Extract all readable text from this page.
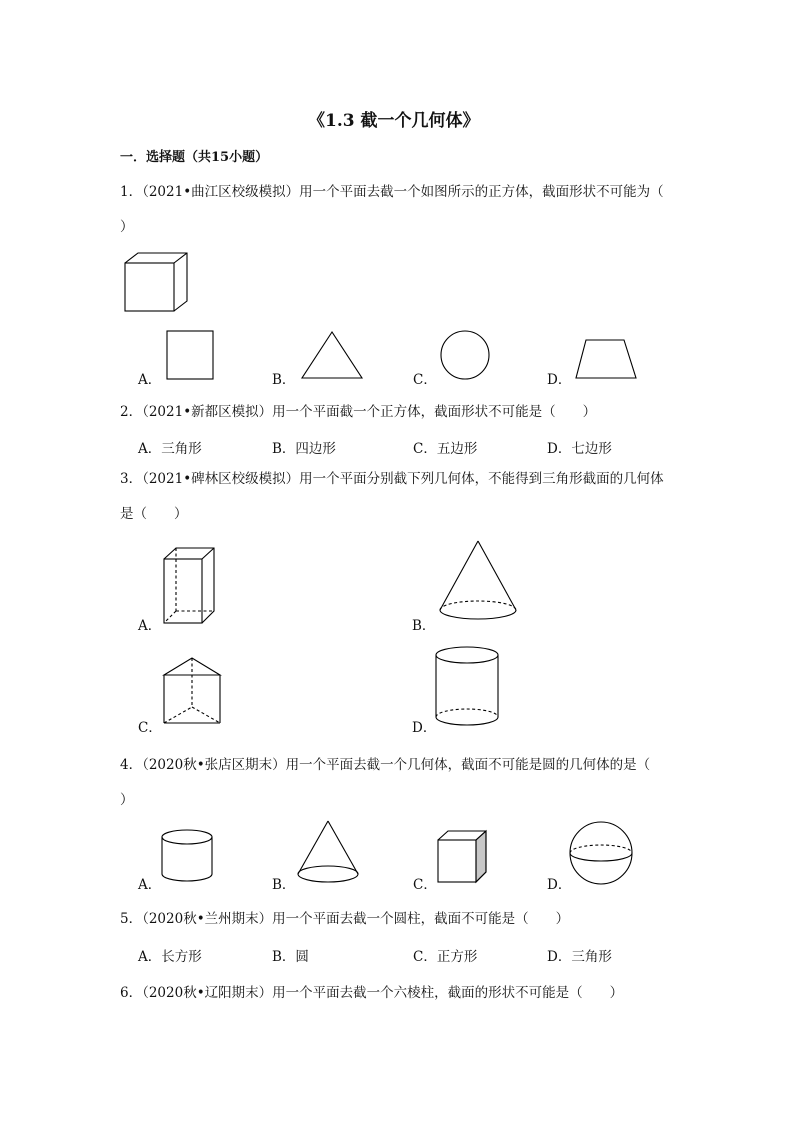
《1.3 截一个几何体》
一．选择题（共15小题）
1．（2021•曲江区校级模拟）用一个平面去截一个如图所示的正方体，截面形状不可能为（
）
A．	B．	C．	D．
2．（2021•新都区模拟）用一个平面截一个正方体，截面形状不可能是（　　）
A．三角形	B．四边形	C．五边形	D．七边形
3．（2021•碑林区校级模拟）用一个平面分别截下列几何体，不能得到三角形截面的几何体
是（　　）
A．	B．
C．	D．
4．（2020秋•张店区期末）用一个平面去截一个几何体，截面不可能是圆的几何体的是（
）
A．	B．	C．	D．
5．（2020秋•兰州期末）用一个平面去截一个圆柱，截面不可能是（　　）
A．长方形	B．圆	C．正方形	D．三角形
6．（2020秋•辽阳期末）用一个平面去截一个六棱柱，截面的形状不可能是（　　）
